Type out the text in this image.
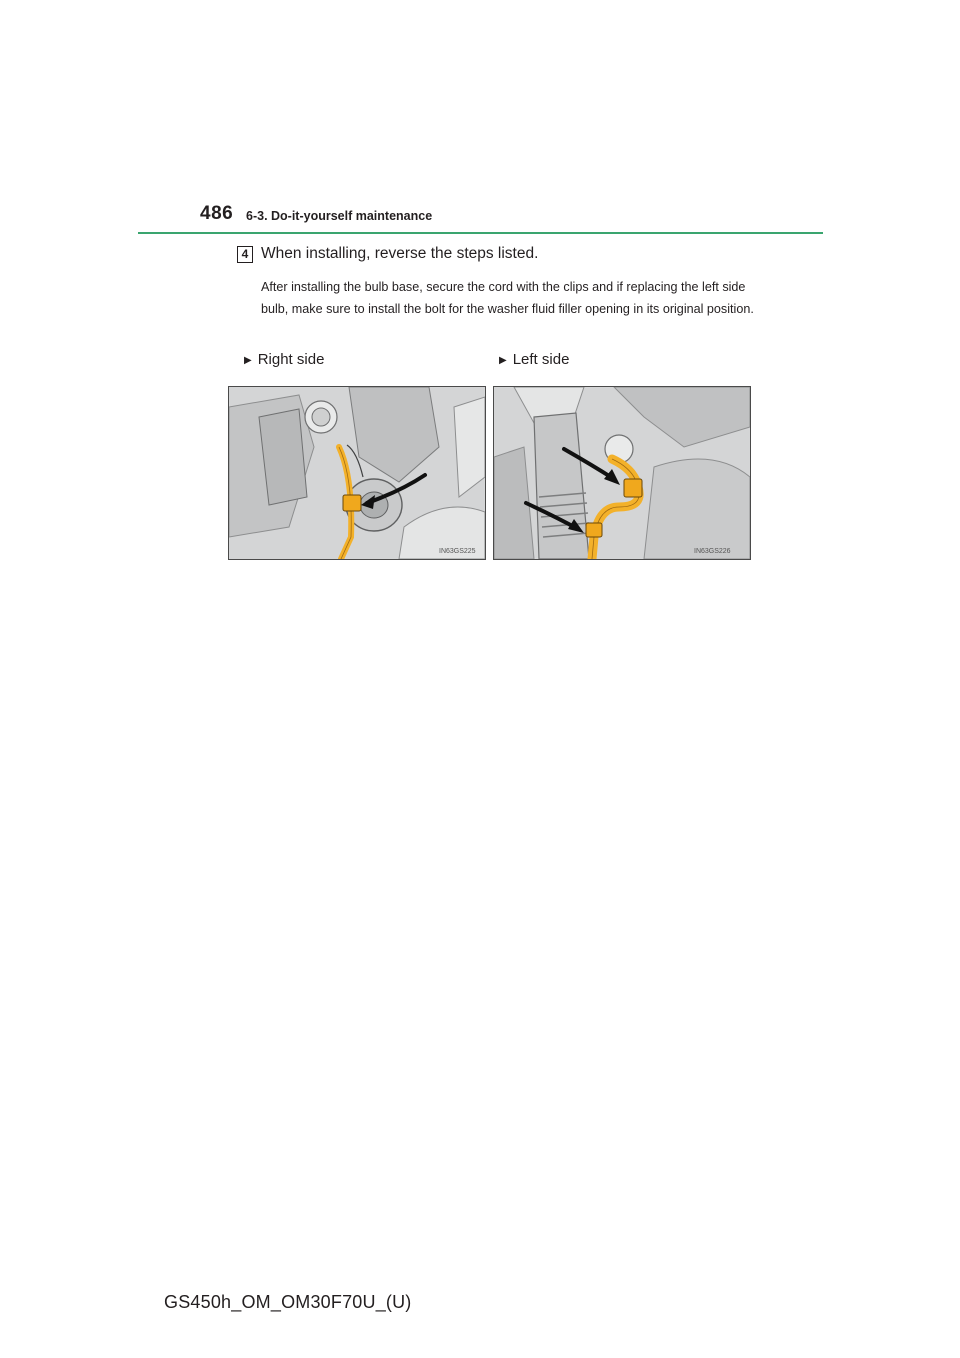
486 6-3. Do-it-yourself maintenance
4 When installing, reverse the steps listed.
After installing the bulb base, secure the cord with the clips and if replacing the left side bulb, make sure to install the bolt for the washer fluid filler opening in its original position.
▶ Right side	▶ Left side
IN63GS225	IN63GS226
GS450h_OM_OM30F70U_(U)
